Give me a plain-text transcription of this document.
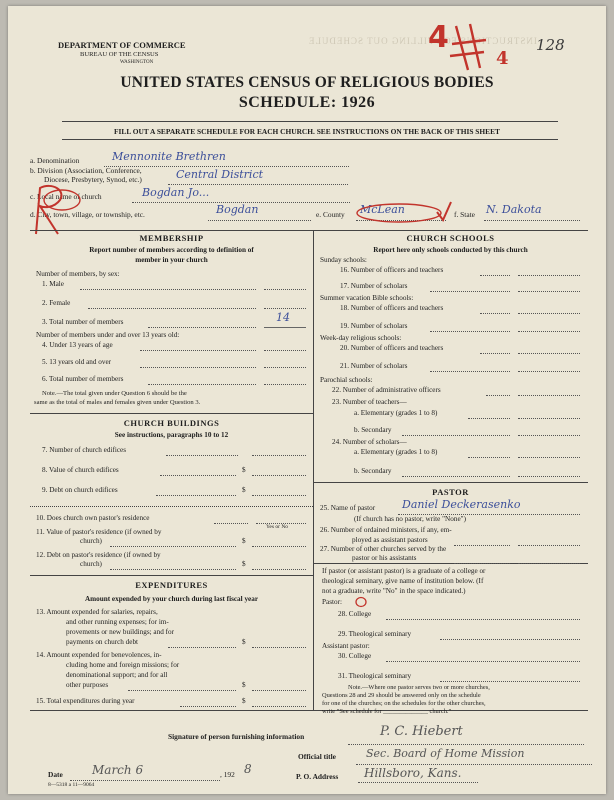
INSTRUCTIONS FOR FILLING OUT SCHEDULE
DEPARTMENT OF COMMERCE
BUREAU OF THE CENSUS
WASHINGTON
4
4
128
UNITED STATES CENSUS OF RELIGIOUS BODIES
SCHEDULE: 1926
FILL OUT A SEPARATE SCHEDULE FOR EACH CHURCH. SEE INSTRUCTIONS ON THE BACK OF THIS SHEET
a. Denomination	Mennonite Brethren
b. Division (Association, Conference,
Diocese, Presbytery, Synod, etc.)	Central District
c. Local name of church	Bogdan Jo...
d. City, town, village, or township, etc.	Bogdan	e. County McLean	f. State N. Dakota
MEMBERSHIP
Report number of members according to definition of
member in your church
Number of members, by sex:
1. Male
2. Female
3. Total number of members	14
Number of members under and over 13 years old:
4. Under 13 years of age
5. 13 years old and over
6. Total number of members
Note.—The total given under Question 6 should be the
same as the total of males and females given under Question 3.
CHURCH BUILDINGS
See instructions, paragraphs 10 to 12
7. Number of church edifices
8. Value of church edifices	$
9. Debt on church edifices	$
10. Does church own pastor's residence
Yes or No
11. Value of pastor's residence (if owned by
church)	$
12. Debt on pastor's residence (if owned by
church)	$
EXPENDITURES
Amount expended by your church during last fiscal year
13. Amount expended for salaries, repairs,
and other running expenses; for im-
provements or new buildings; and for
payments on church debt	$
14. Amount expended for benevolences, in-
cluding home and foreign missions; for
denominational support; and for all
other purposes	$
15. Total expenditures during year	$
CHURCH SCHOOLS
Report here only schools conducted by this church
Sunday schools:
16. Number of officers and teachers
17. Number of scholars
Summer vacation Bible schools:
18. Number of officers and teachers
19. Number of scholars
Week-day religious schools:
20. Number of officers and teachers
21. Number of scholars
Parochial schools:
22. Number of administrative officers
23. Number of teachers—
a. Elementary (grades 1 to 8)
b. Secondary
24. Number of scholars—
a. Elementary (grades 1 to 8)
b. Secondary
PASTOR
25. Name of pastor Daniel Deckerasenko
(If church has no pastor, write "None")
26. Number of ordained ministers, if any, em-
ployed as assistant pastors
27. Number of other churches served by the
pastor or his assistants
If pastor (or assistant pastor) is a graduate of a college or
theological seminary, give name of institution below. (If
not a graduate, write "No" in the space indicated.)
Pastor:
28. College
29. Theological seminary
Assistant pastor:
30. College
31. Theological seminary
Note.—Where one pastor serves two or more churches,
Questions 28 and 29 should be answered only on the schedule
for one of the churches; on the schedules for the other churches,
write "See schedule for ______________ church."
Signature of person furnishing information	P. C. Hiebert
Official title	Sec. Board of Home Mission
Date March 6	, 192 8
P. O. Address Hillsboro, Kans.
8—5318 a 11—9064
